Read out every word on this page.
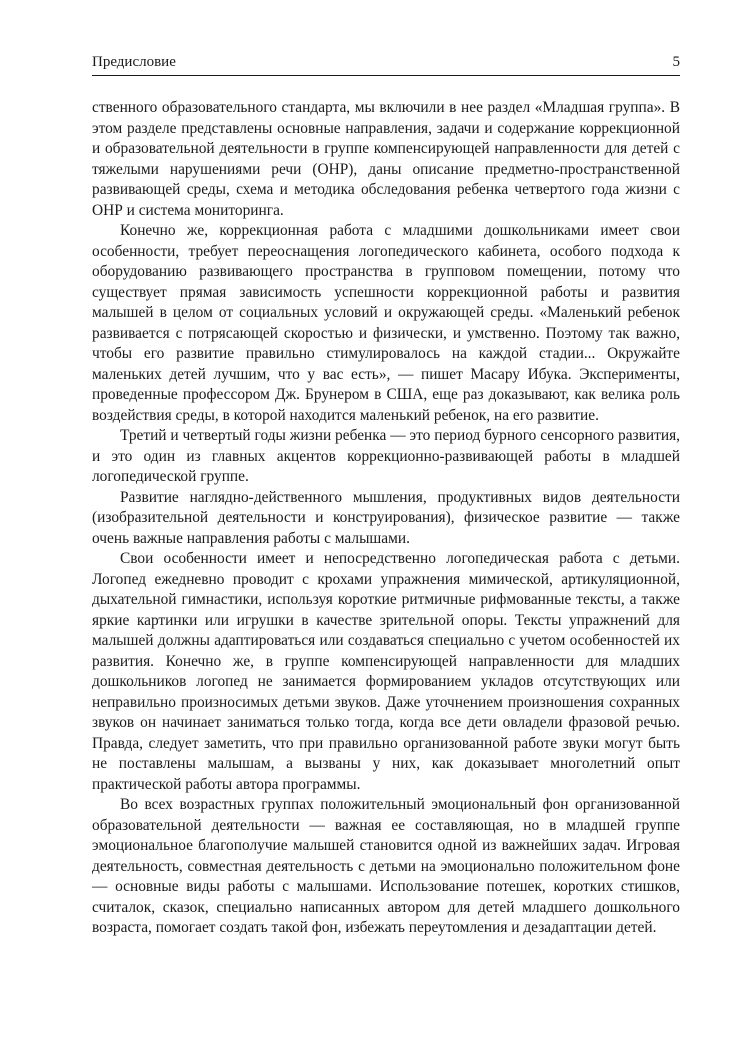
Предисловие	5

ственного образовательного стандарта, мы включили в нее раздел «Младшая группа». В этом разделе представлены основные направления, задачи и содержание коррекционной и образовательной деятельности в группе компенсирующей направленности для детей с тяжелыми нарушениями речи (ОНР), даны описание предметно-пространственной развивающей среды, схема и методика обследования ребенка четвертого года жизни с ОНР и система мониторинга.

Конечно же, коррекционная работа с младшими дошкольниками имеет свои особенности, требует переоснащения логопедического кабинета, особого подхода к оборудованию развивающего пространства в групповом помещении, потому что существует прямая зависимость успешности коррекционной работы и развития малышей в целом от социальных условий и окружающей среды. «Маленький ребенок развивается с потрясающей скоростью и физически, и умственно. Поэтому так важно, чтобы его развитие правильно стимулировалось на каждой стадии... Окружайте маленьких детей лучшим, что у вас есть», — пишет Масару Ибука. Эксперименты, проведенные профессором Дж. Брунером в США, еще раз доказывают, как велика роль воздействия среды, в которой находится маленький ребенок, на его развитие.

Третий и четвертый годы жизни ребенка — это период бурного сенсорного развития, и это один из главных акцентов коррекционно-развивающей работы в младшей логопедической группе.

Развитие наглядно-действенного мышления, продуктивных видов деятельности (изобразительной деятельности и конструирования), физическое развитие — также очень важные направления работы с малышами.

Свои особенности имеет и непосредственно логопедическая работа с детьми. Логопед ежедневно проводит с крохами упражнения мимической, артикуляционной, дыхательной гимнастики, используя короткие ритмичные рифмованные тексты, а также яркие картинки или игрушки в качестве зрительной опоры. Тексты упражнений для малышей должны адаптироваться или создаваться специально с учетом особенностей их развития. Конечно же, в группе компенсирующей направленности для младших дошкольников логопед не занимается формированием укладов отсутствующих или неправильно произносимых детьми звуков. Даже уточнением произношения сохранных звуков он начинает заниматься только тогда, когда все дети овладели фразовой речью. Правда, следует заметить, что при правильно организованной работе звуки могут быть не поставлены малышам, а вызваны у них, как доказывает многолетний опыт практической работы автора программы.

Во всех возрастных группах положительный эмоциональный фон организованной образовательной деятельности — важная ее составляющая, но в младшей группе эмоциональное благополучие малышей становится одной из важнейших задач. Игровая деятельность, совместная деятельность с детьми на эмоционально положительном фоне — основные виды работы с малышами. Использование потешек, коротких стишков, считалок, сказок, специально написанных автором для детей младшего дошкольного возраста, помогает создать такой фон, избежать переутомления и дезадаптации детей.
